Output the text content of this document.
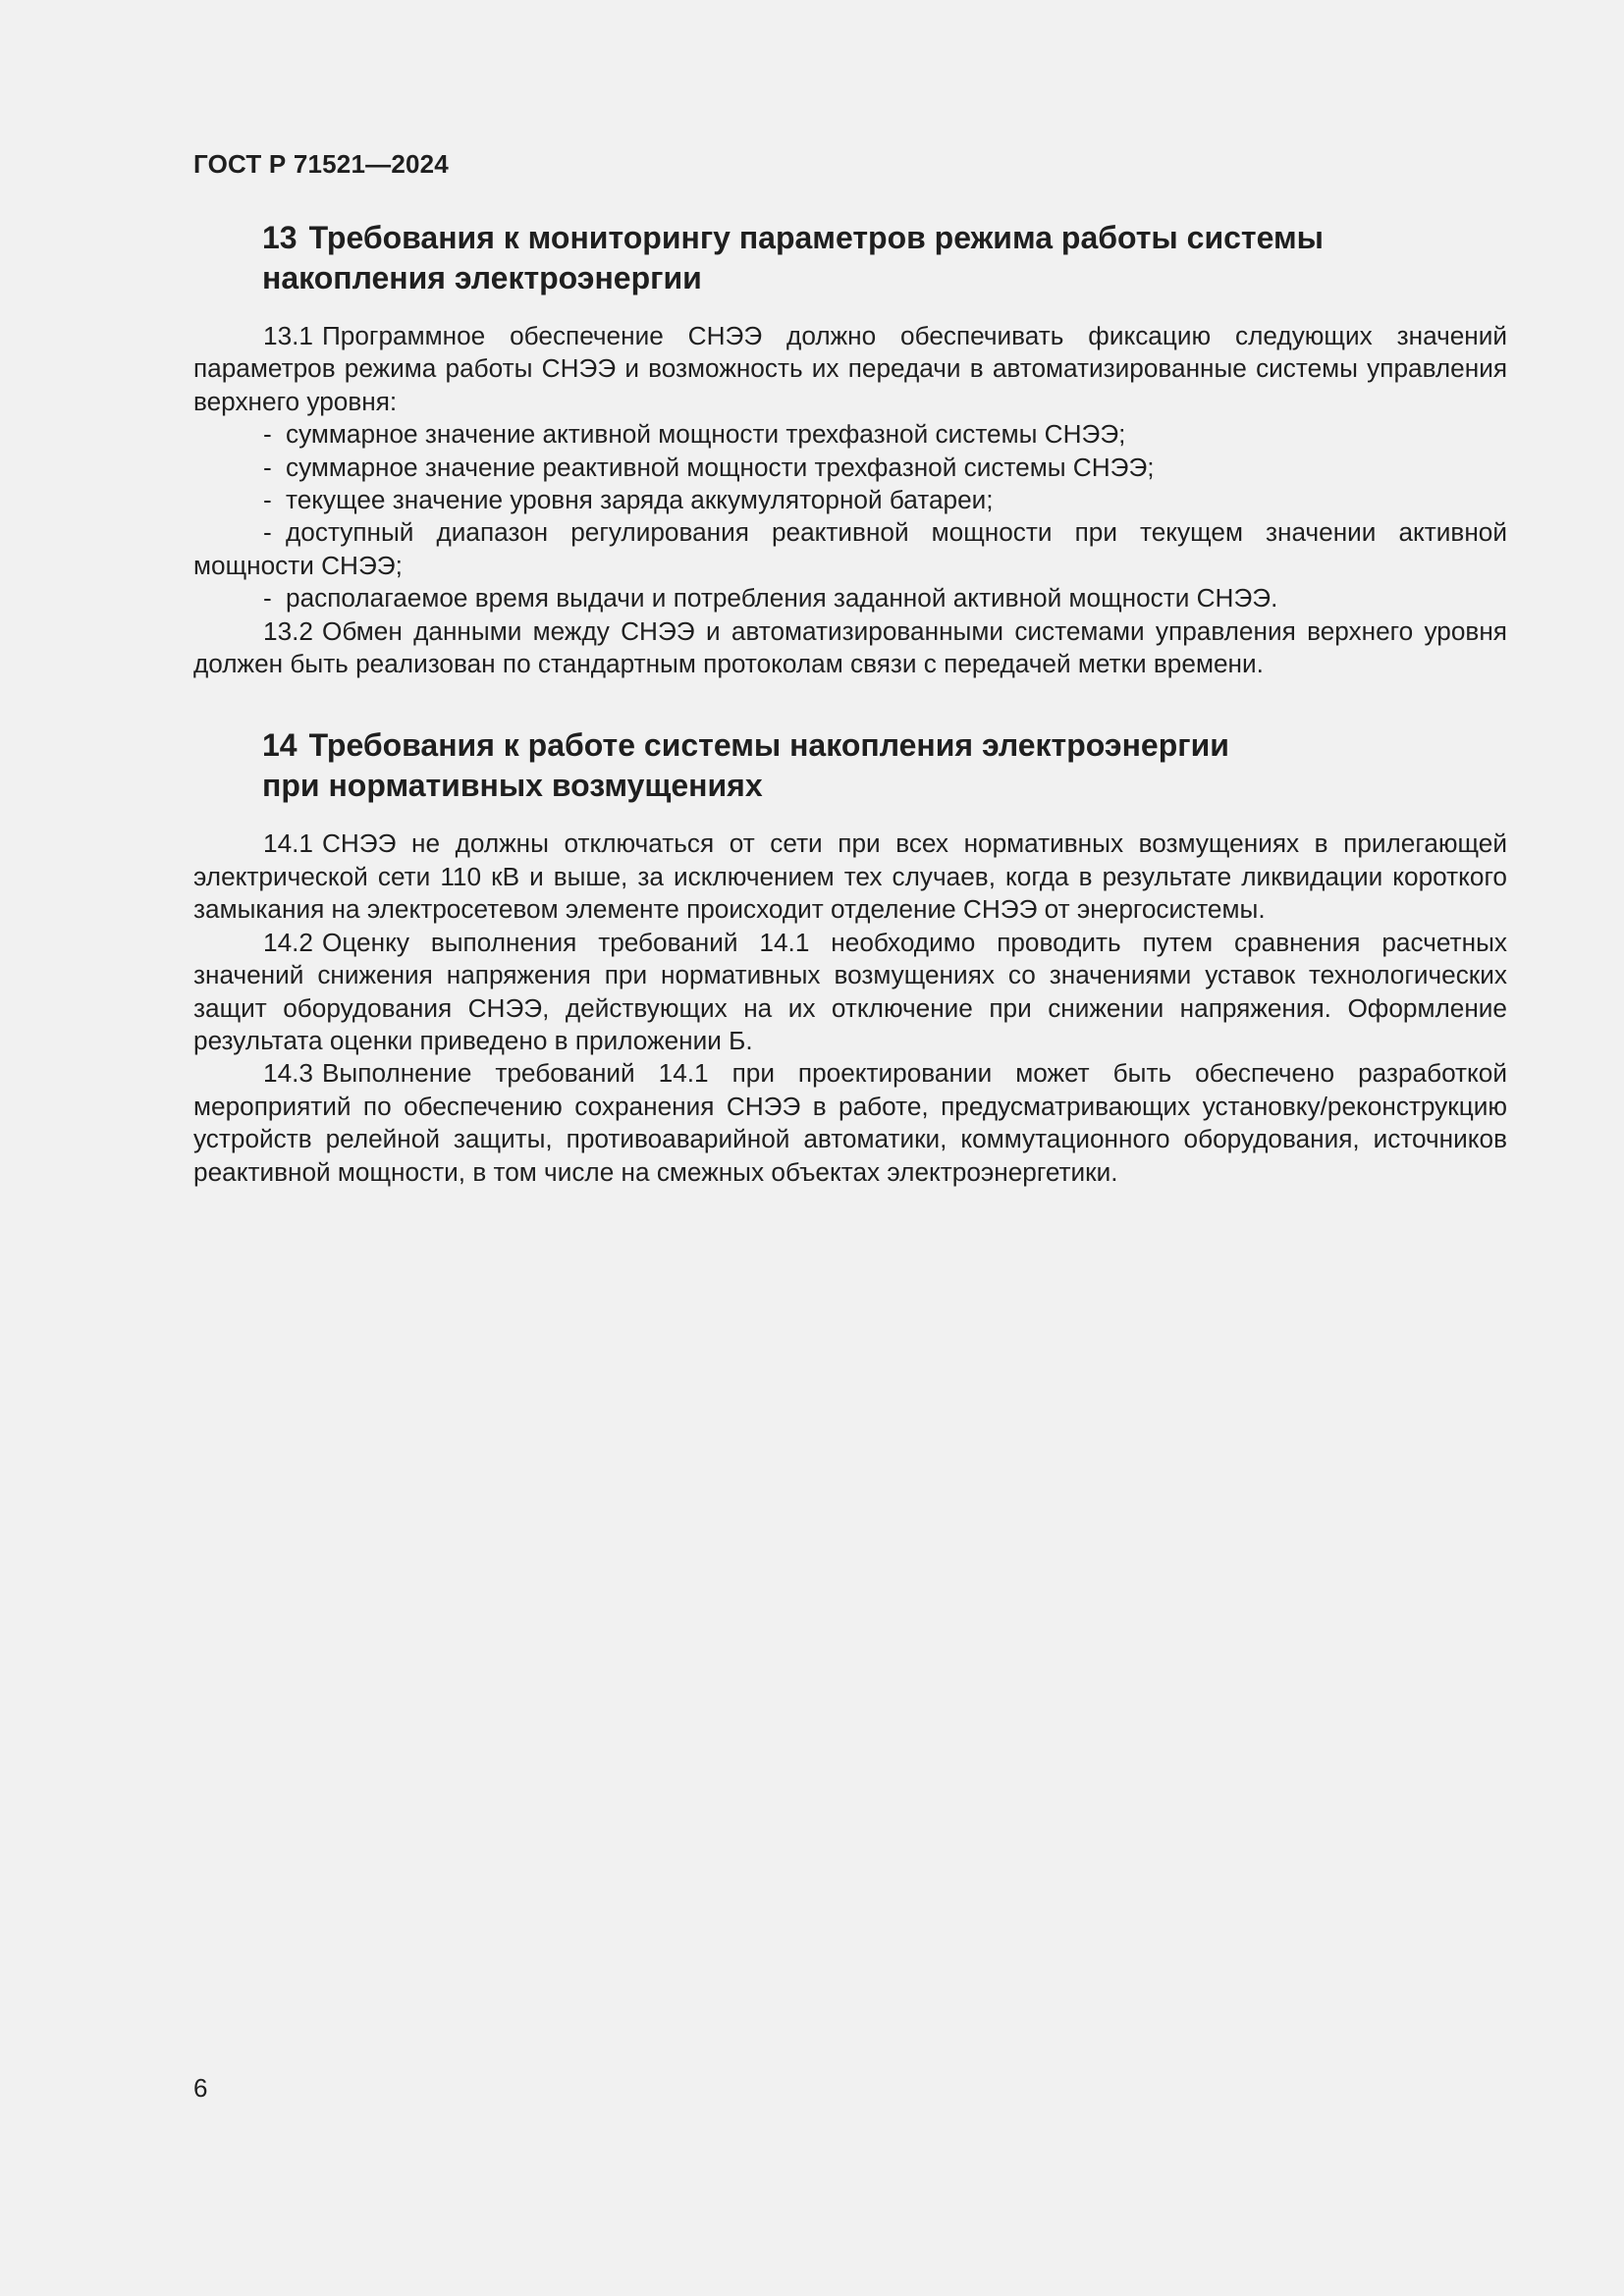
ГОСТ Р 71521—2024
13 Требования к мониторингу параметров режима работы системы
накопления электроэнергии

13.1 Программное обеспечение СНЭЭ должно обеспечивать фиксацию следующих значений параметров режима работы СНЭЭ и возможность их передачи в автоматизированные системы управления верхнего уровня:

- суммарное значение активной мощности трехфазной системы СНЭЭ;
- суммарное значение реактивной мощности трехфазной системы СНЭЭ;
- текущее значение уровня заряда аккумуляторной батареи;
- доступный диапазон регулирования реактивной мощности при текущем значении активной мощности СНЭЭ;
- располагаемое время выдачи и потребления заданной активной мощности СНЭЭ.

13.2 Обмен данными между СНЭЭ и автоматизированными системами управления верхнего уровня должен быть реализован по стандартным протоколам связи с передачей метки времени.

14 Требования к работе системы накопления электроэнергии
при нормативных возмущениях

14.1 СНЭЭ не должны отключаться от сети при всех нормативных возмущениях в прилегающей электрической сети 110 кВ и выше, за исключением тех случаев, когда в результате ликвидации короткого замыкания на электросетевом элементе происходит отделение СНЭЭ от энергосистемы.

14.2 Оценку выполнения требований 14.1 необходимо проводить путем сравнения расчетных значений снижения напряжения при нормативных возмущениях со значениями уставок технологических защит оборудования СНЭЭ, действующих на их отключение при снижении напряжения. Оформление результата оценки приведено в приложении Б.

14.3 Выполнение требований 14.1 при проектировании может быть обеспечено разработкой мероприятий по обеспечению сохранения СНЭЭ в работе, предусматривающих установку/реконструкцию устройств релейной защиты, противоаварийной автоматики, коммутационного оборудования, источников реактивной мощности, в том числе на смежных объектах электроэнергетики.

6
